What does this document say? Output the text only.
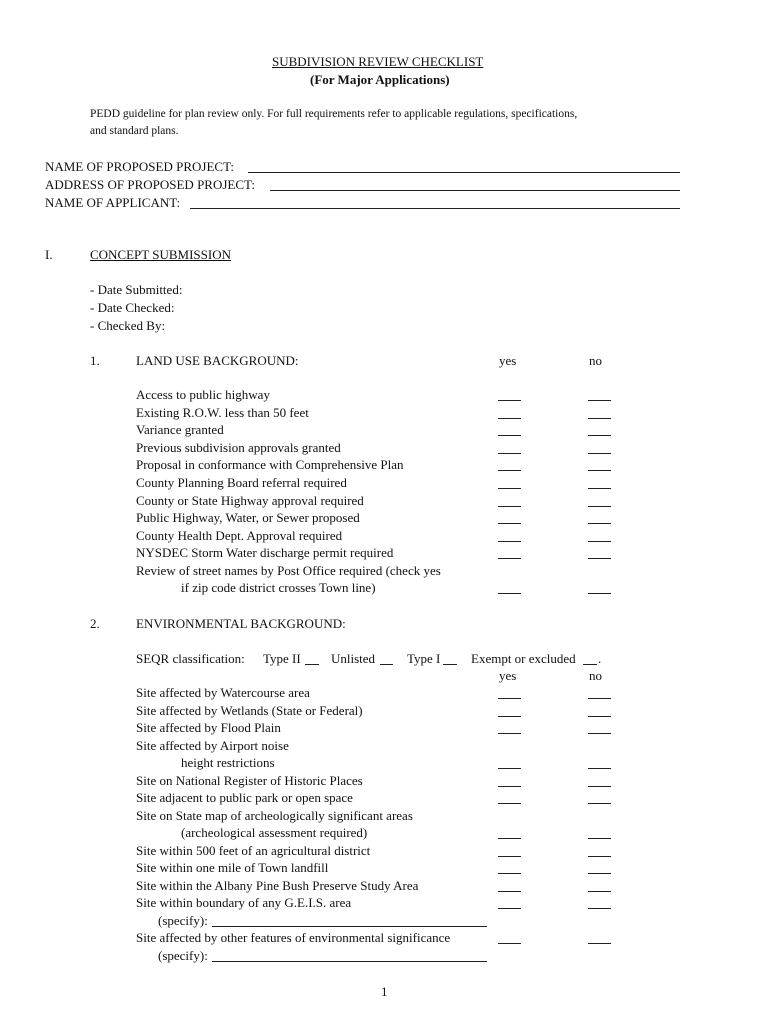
SUBDIVISION REVIEW CHECKLIST
(For Major Applications)
PEDD guideline for plan review only. For full requirements refer to applicable regulations, specifications,
and standard plans.
NAME OF PROPOSED PROJECT:
ADDRESS OF PROPOSED PROJECT:
NAME OF APPLICANT:
I.	CONCEPT SUBMISSION
- Date Submitted:
- Date Checked:
- Checked By:
1.	LAND USE BACKGROUND:	yes	no
Access to public highway
Existing R.O.W. less than 50 feet
Variance granted
Previous subdivision approvals granted
Proposal in conformance with Comprehensive Plan
County Planning Board referral required
County or State Highway approval required
Public Highway, Water, or Sewer proposed
County Health Dept. Approval required
NYSDEC Storm Water discharge permit required
Review of street names by Post Office required (check yes
if zip code district crosses Town line)
2.	ENVIRONMENTAL BACKGROUND:
SEQR classification: Type II Unlisted Type I Exempt or excluded .
yes	no
Site affected by Watercourse area
Site affected by Wetlands (State or Federal)
Site affected by Flood Plain
Site affected by Airport noise
height restrictions
Site on National Register of Historic Places
Site adjacent to public park or open space
Site on State map of archeologically significant areas
(archeological assessment required)
Site within 500 feet of an agricultural district
Site within one mile of Town landfill
Site within the Albany Pine Bush Preserve Study Area
Site within boundary of any G.E.I.S. area
(specify):
Site affected by other features of environmental significance
(specify):
1
